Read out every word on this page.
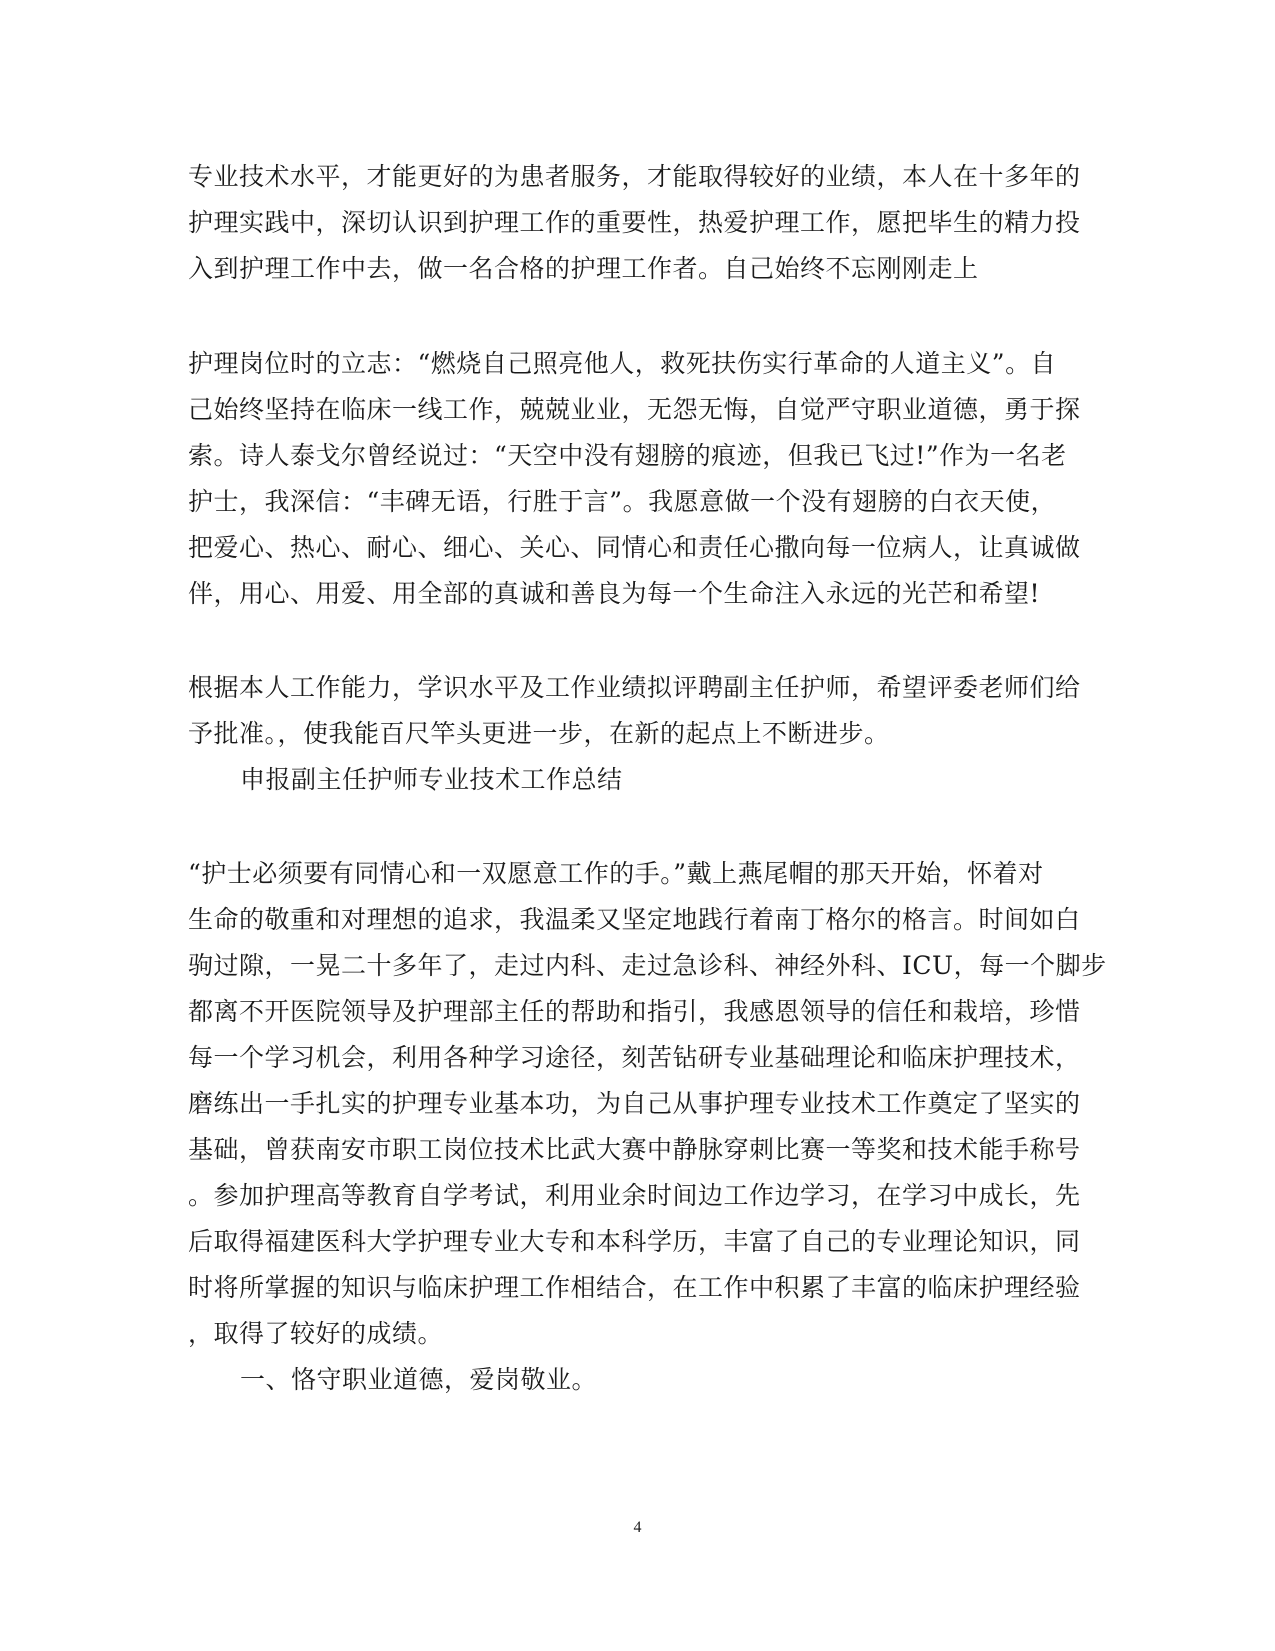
专业技术水平，才能更好的为患者服务，才能取得较好的业绩，本人在十多年的
护理实践中，深切认识到护理工作的重要性，热爱护理工作，愿把毕生的精力投
入到护理工作中去，做一名合格的护理工作者。自己始终不忘刚刚走上
护理岗位时的立志：“燃烧自己照亮他人，救死扶伤实行革命的人道主义”。自
己始终坚持在临床一线工作，兢兢业业，无怨无悔，自觉严守职业道德，勇于探
索。诗人泰戈尔曾经说过：“天空中没有翅膀的痕迹，但我已飞过!”作为一名老
护士，我深信：“丰碑无语，行胜于言”。我愿意做一个没有翅膀的白衣天使，
把爱心、热心、耐心、细心、关心、同情心和责任心撒向每一位病人，让真诚做
伴，用心、用爱、用全部的真诚和善良为每一个生命注入永远的光芒和希望!
根据本人工作能力，学识水平及工作业绩拟评聘副主任护师，希望评委老师们给
予批准。，使我能百尺竿头更进一步，在新的起点上不断进步。
申报副主任护师专业技术工作总结
“护士必须要有同情心和一双愿意工作的手。”戴上燕尾帽的那天开始，怀着对
生命的敬重和对理想的追求，我温柔又坚定地践行着南丁格尔的格言。时间如白
驹过隙，一晃二十多年了，走过内科、走过急诊科、神经外科、ICU，每一个脚步
都离不开医院领导及护理部主任的帮助和指引，我感恩领导的信任和栽培，珍惜
每一个学习机会，利用各种学习途径，刻苦钻研专业基础理论和临床护理技术，
磨练出一手扎实的护理专业基本功，为自己从事护理专业技术工作奠定了坚实的
基础，曾获南安市职工岗位技术比武大赛中静脉穿刺比赛一等奖和技术能手称号
。参加护理高等教育自学考试，利用业余时间边工作边学习，在学习中成长，先
后取得福建医科大学护理专业大专和本科学历，丰富了自己的专业理论知识，同
时将所掌握的知识与临床护理工作相结合，在工作中积累了丰富的临床护理经验
，取得了较好的成绩。
一、恪守职业道德，爱岗敬业。
4
